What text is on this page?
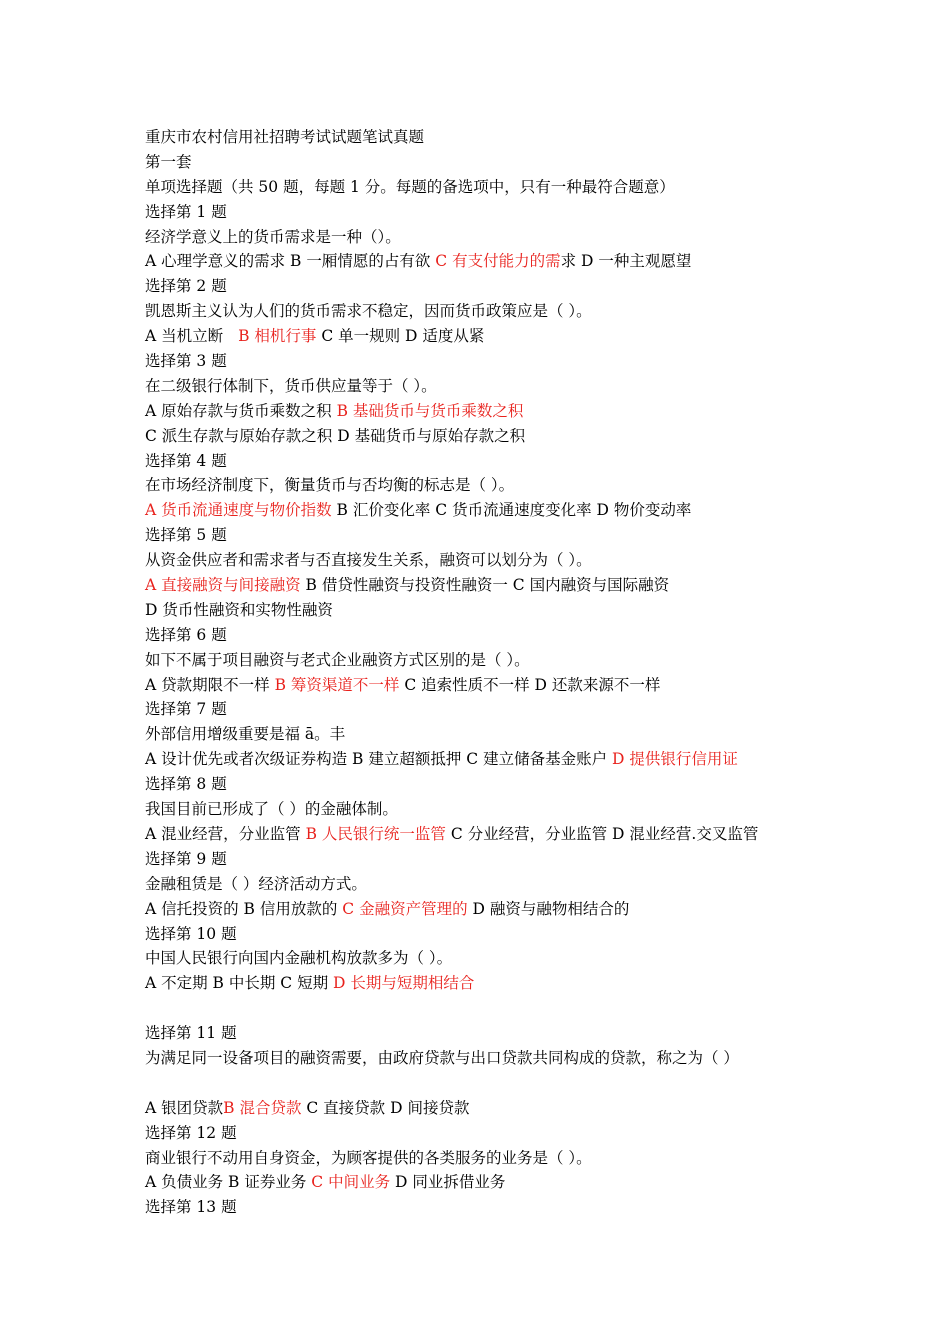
重庆市农村信用社招聘考试试题笔试真题
第一套
单项选择题（共 50 题，每题 1 分。每题的备选项中，只有一种最符合题意）
选择第 1 题
经济学意义上的货币需求是一种（）。
A 心理学意义的需求 B 一厢情愿的占有欲 C 有支付能力的需求 D 一种主观愿望
选择第 2 题
凯恩斯主义认为人们的货币需求不稳定，因而货币政策应是（ ）。
A 当机立断 B 相机行事 C 单一规则 D 适度从紧
选择第 3 题
在二级银行体制下，货币供应量等于（ ）。
A 原始存款与货币乘数之积 B 基础货币与货币乘数之积
C 派生存款与原始存款之积 D 基础货币与原始存款之积
选择第 4 题
在市场经济制度下，衡量货币与否均衡的标志是（ ）。
A 货币流通速度与物价指数 B 汇价变化率 C 货币流通速度变化率 D 物价变动率
选择第 5 题
从资金供应者和需求者与否直接发生关系，融资可以划分为（ ）。
A 直接融资与间接融资 B 借贷性融资与投资性融资一 C 国内融资与国际融资
D 货币性融资和实物性融资
选择第 6 题
如下不属于项目融资与老式企业融资方式区别的是（ ）。
A 贷款期限不一样 B 筹资渠道不一样 C 追索性质不一样 D 还款来源不一样
选择第 7 题
外部信用增级重要是福 ā。丰
A 设计优先或者次级证券构造 B 建立超额抵押 C 建立储备基金账户 D 提供银行信用证
选择第 8 题
我国目前已形成了（ ）的金融体制。
A 混业经营，分业监管 B 人民银行统一监管 C 分业经营，分业监管 D 混业经营.交叉监管
选择第 9 题
金融租赁是（ ）经济活动方式。
A 信托投资的 B 信用放款的 C 金融资产管理的 D 融资与融物相结合的
选择第 10 题
中国人民银行向国内金融机构放款多为（ ）。
A 不定期 B 中长期 C 短期 D 长期与短期相结合
选择第 11 题
为满足同一设备项目的融资需要，由政府贷款与出口贷款共同构成的贷款，称之为（ ）
A 银团贷款B 混合贷款 C 直接贷款 D 间接贷款
选择第 12 题
商业银行不动用自身资金，为顾客提供的各类服务的业务是（ ）。
A 负债业务 B 证券业务 C 中间业务 D 同业拆借业务
选择第 13 题
